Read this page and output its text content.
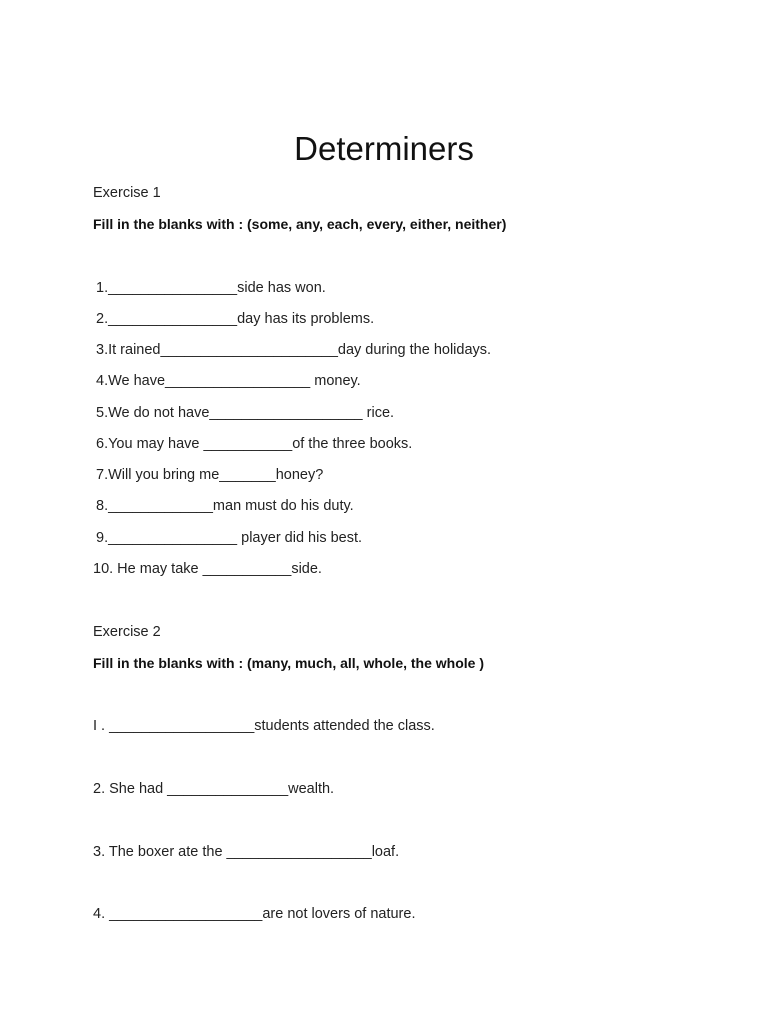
Determiners
Exercise 1
Fill in the blanks with : (some, any, each, every, either, neither)
1.________________side has won.
2.________________day has its problems.
3.It rained______________________day during the holidays.
4.We have__________________ money.
5.We do not have___________________ rice.
6.You may have ___________of the three books.
7.Will you bring me_______honey?
8._____________man must do his duty.
9.________________ player did his best.
10. He may take ___________side.
Exercise 2
Fill in the blanks with : (many, much, all, whole, the whole )
I . __________________students attended the class.
2. She had _______________wealth.
3. The boxer ate the __________________loaf.
4. ___________________are not lovers of nature.
